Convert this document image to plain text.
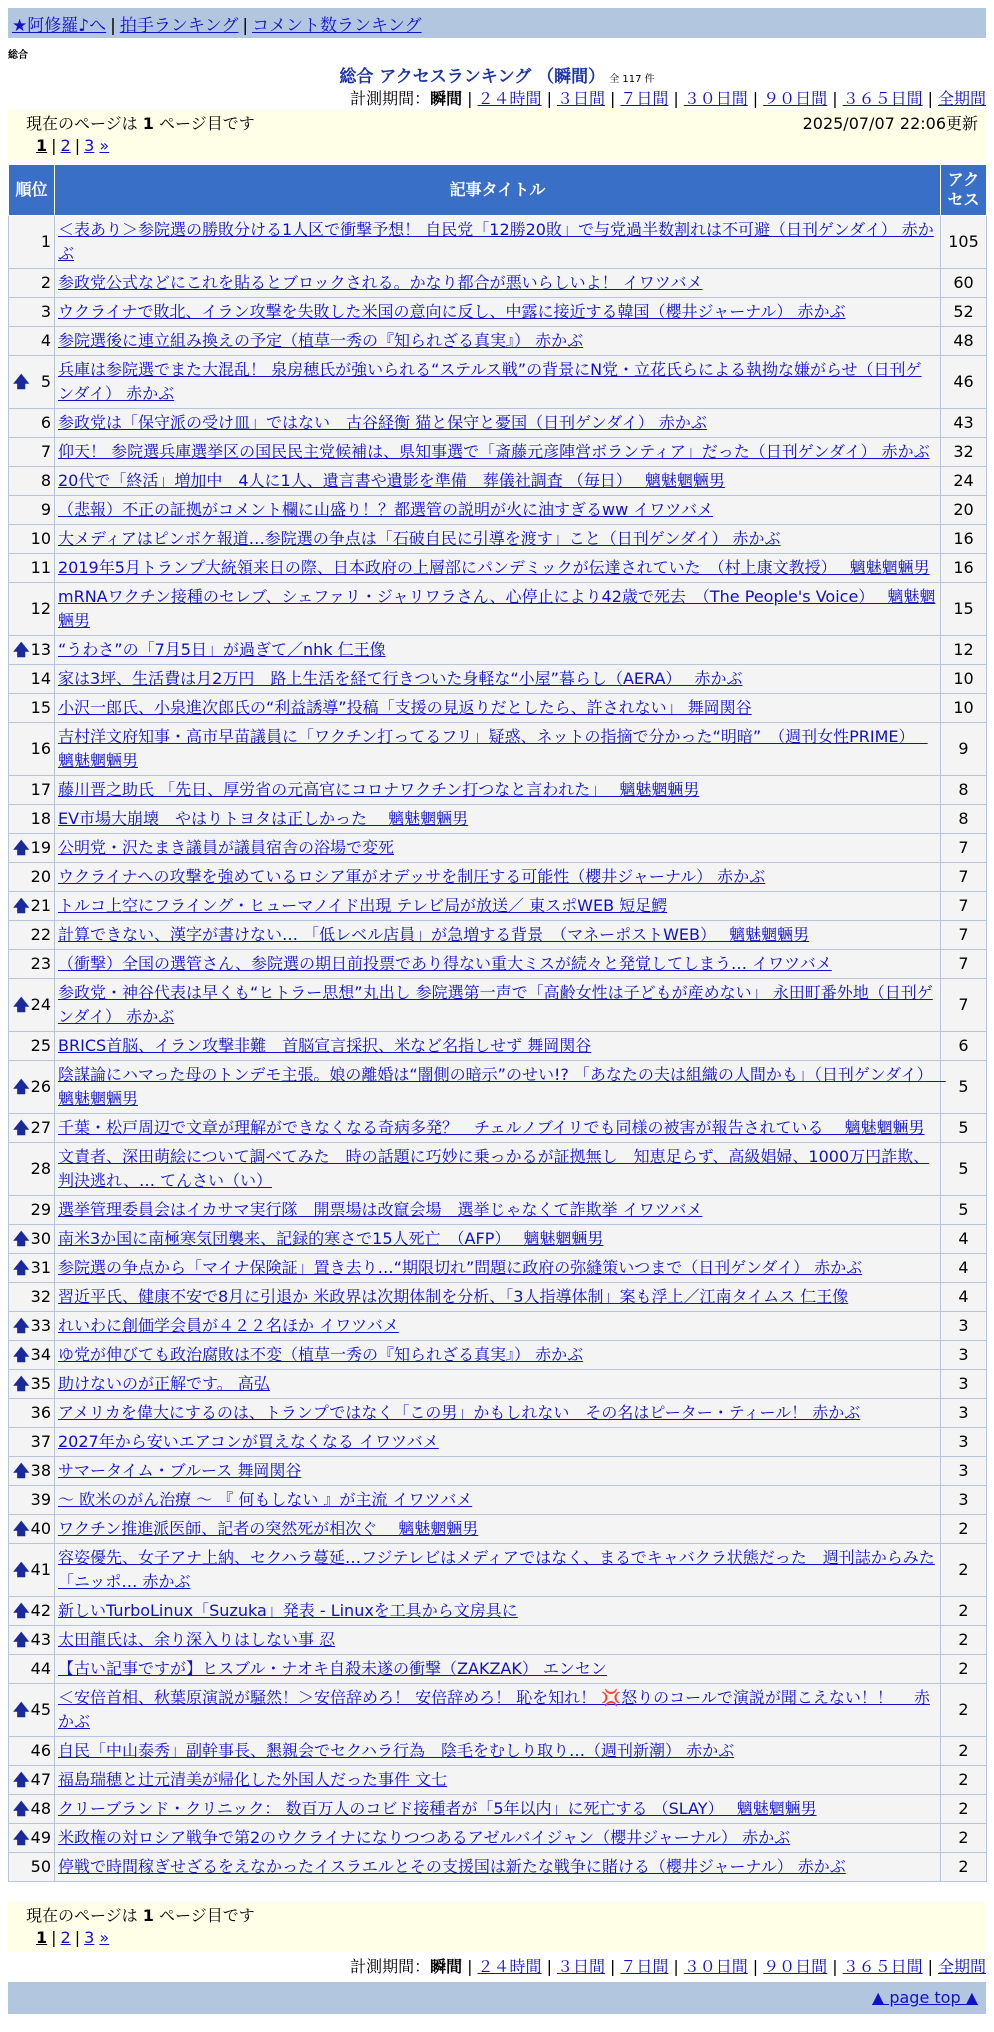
★阿修羅♪へ | 拍手ランキング | コメント数ランキング
総合
総合 アクセスランキング （瞬間） 全 117 件
計測期間：瞬間 | ２４時間 | ３日間 | ７日間 | ３０日間 | ９０日間 | ３６５日間 | 全期間
現在のページは 1 ページ目です	2025/07/07 22:06更新
1 | 2 | 3 »
順位	記事タイトル	アクセス
1	＜表あり＞参院選の勝敗分ける1人区で衝撃予想！ 自民党「12勝20敗」で与党過半数割れは不可避（日刊ゲンダイ） 赤かぶ	105
2	参政党公式などにこれを貼るとブロックされる。かなり都合が悪いらしいよ！ イワツバメ	60
3	ウクライナで敗北、イラン攻撃を失敗した米国の意向に反し、中露に接近する韓国（櫻井ジャーナル） 赤かぶ	52
4	参院選後に連立組み換えの予定（植草一秀の『知られざる真実』） 赤かぶ	48

🡅 5	兵庫は参院選でまた大混乱！ 泉房穂氏が強いられる“ステルス戦”の背景にN党・立花氏らによる執拗な嫌がらせ（日刊ゲンダイ） 赤かぶ	46
6	参政党は「保守派の受け皿」ではない　古谷経衡 猫と保守と憂国（日刊ゲンダイ） 赤かぶ	43
7	仰天！ 参院選兵庫選挙区の国民民主党候補は、県知事選で「斎藤元彦陣営ボランティア」だった（日刊ゲンダイ） 赤かぶ	32
8	20代で「終活」増加中　4人に1人、遺言書や遺影を準備　葬儀社調査 （毎日）　 魑魅魍魎男	24
9	（悲報）不正の証拠がコメント欄に山盛り！？都選管の説明が火に油すぎるww イワツバメ	20
10	大メディアはピンボケ報道…参院選の争点は「石破自民に引導を渡す」こと（日刊ゲンダイ） 赤かぶ	16
11	2019年5月トランプ大統領来日の際、日本政府の上層部にパンデミックが伝達されていた　（村上康文教授）　 魑魅魍魎男	16
12	mRNAワクチン接種のセレブ、シェファリ・ジャリワラさん、心停止により42歳で死去　（The People's Voice）　 魑魅魍魎男	15

🡅 13	“うわさ”の「7月5日」が過ぎて／nhk 仁王像	12
14	家は3坪、生活費は月2万円　路上生活を経て行きついた身軽な“小屋”暮らし（AERA）　 赤かぶ	10
15	小沢一郎氏、小泉進次郎氏の“利益誘導”投稿「支援の見返りだとしたら、許されない」 舞岡関谷	10
16	吉村洋文府知事・高市早苗議員に「ワクチン打ってるフリ」疑惑、ネットの指摘で分かった“明暗”　（週刊女性PRIME）　 魑魅魍魎男	9
17	藤川晋之助氏 「先日、厚労省の元高官にコロナワクチン打つなと言われた」　 魑魅魍魎男	8
18	EV市場大崩壊　やはりトヨタは正しかった　 魑魅魍魎男	8

🡅 19	公明党・沢たまき議員が議員宿舎の浴場で変死	7
20	ウクライナへの攻撃を強めているロシア軍がオデッサを制圧する可能性（櫻井ジャーナル） 赤かぶ	7

🡅 21	トルコ上空にフライング・ヒューマノイド出現 テレビ局が放送／ 東スポWEB 短足鰐	7
22	計算できない、漢字が書けない… 「低レベル店員」が急増する背景　（マネーポストWEB）　 魑魅魍魎男	7
23	（衝撃）全国の選管さん、参院選の期日前投票であり得ない重大ミスが続々と発覚してしまう… イワツバメ	7

🡅 24	参政党・神谷代表は早くも“ヒトラー思想”丸出し 参院選第一声で「高齢女性は子どもが産めない」 永田町番外地（日刊ゲンダイ） 赤かぶ	7
25	BRICS首脳、イラン攻撃非難　首脳宣言採択、米など名指しせず 舞岡関谷	6

🡅 26	陰謀論にハマった母のトンデモ主張。娘の離婚は“闇側の暗示”のせい!? 「あなたの夫は組織の人間かも」（日刊ゲンダイ）　 魑魅魍魎男	5

🡅 27	千葉・松戸周辺で文章が理解ができなくなる奇病多発？　チェルノブイリでも同様の被害が報告されている　 魑魅魍魎男	5
28	文責者、深田萌絵について調べてみた　時の話題に巧妙に乗っかるが証拠無し　知恵足らず、高級娼婦、1000万円詐欺、判決逃れ、… てんさい（い）	5
29	選挙管理委員会はイカサマ実行隊　開票場は改竄会場　選挙じゃなくて詐欺挙 イワツバメ	5

🡅 30	南米3か国に南極寒気団襲来、記録的寒さで15人死亡　（AFP）　 魑魅魍魎男	4

🡅 31	参院選の争点から「マイナ保険証」置き去り…“期限切れ”問題に政府の弥縫策いつまで（日刊ゲンダイ） 赤かぶ	4
32	習近平氏、健康不安で8月に引退か 米政界は次期体制を分析、「3人指導体制」案も浮上／江南タイムス 仁王像	4

🡅 33	れいわに創価学会員が４２２名ほか イワツバメ	3

🡅 34	ゆ党が伸びても政治腐敗は不変（植草一秀の『知られざる真実』） 赤かぶ	3

🡅 35	助けないのが正解です。 高弘	3
36	アメリカを偉大にするのは、トランプではなく「この男」かもしれない　その名はピーター・ティール！ 赤かぶ	3
37	2027年から安いエアコンが買えなくなる イワツバメ	3

🡅 38	サマータイム・ブルース 舞岡関谷	3
39	～ 欧米のがん治療 ～ 『 何もしない 』が主流 イワツバメ	3

🡅 40	ワクチン推進派医師、記者の突然死が相次ぐ　 魑魅魍魎男	2

🡅 41	容姿優先、女子アナ上納、セクハラ蔓延…フジテレビはメディアではなく、まるでキャバクラ状態だった　週刊誌からみた「ニッポ… 赤かぶ	2

🡅 42	新しいTurboLinux「Suzuka」発表 - Linuxを工具から文房具に	2

🡅 43	太田龍氏は、余り深入りはしない事 忍	2
44	【古い記事ですが】ヒスブル・ナオキ自殺未遂の衝撃（ZAKZAK） エンセン	2

🡅 45	＜安倍首相、秋葉原演説が騒然！＞安倍辞めろ！ 安倍辞めろ！ 恥を知れ！ 💢怒りのコールで演説が聞こえない！！　 赤かぶ	2
46	自民「中山泰秀」副幹事長、懇親会でセクハラ行為　陰毛をむしり取り…（週刊新潮） 赤かぶ	2

🡅 47	福島瑞穂と辻元清美が帰化した外国人だった事件 文七	2

🡅 48	クリーブランド・クリニック： 数百万人のコビド接種者が「5年以内」に死亡する （SLAY）　 魑魅魍魎男	2

🡅 49	米政権の対ロシア戦争で第2のウクライナになりつつあるアゼルバイジャン（櫻井ジャーナル） 赤かぶ	2
50	停戦で時間稼ぎせざるをえなかったイスラエルとその支援国は新たな戦争に賭ける（櫻井ジャーナル） 赤かぶ	2
現在のページは 1 ページ目です
1 | 2 | 3 »
計測期間：瞬間 | ２４時間 | ３日間 | ７日間 | ３０日間 | ９０日間 | ３６５日間 | 全期間
▲ page top ▲
